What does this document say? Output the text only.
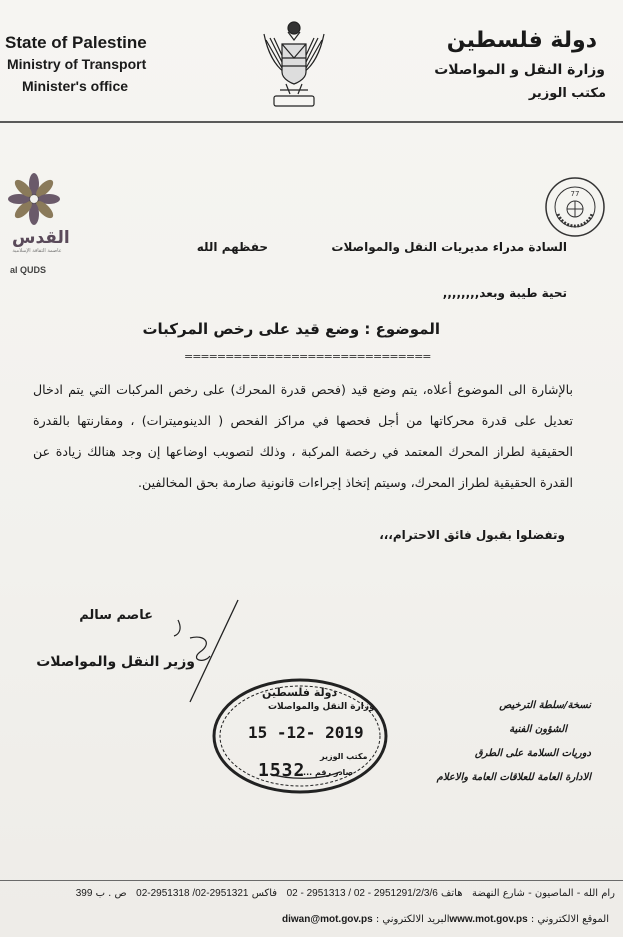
State of Palestine
Ministry of Transport
Minister's office
دولة فلسطين
وزارة النقل و المواصلات
مكتب الوزير
القدس
عاصمة الثقافة الإسلامية
al QUDS
77
السادة مدراء مديريات النقل والمواصلات
حفظهم الله
تحية طيبة وبعد,,,,,,,,
الموضوع : وضع قيد على رخص المركبات
==============================
بالإشارة الى الموضوع أعلاه، يتم وضع قيد (فحص قدرة المحرك) على رخص المركبات التي يتم ادخال تعديل على قدرة محركاتها من أجل فحصها في مراكز الفحص ( الدينوميترات) ، ومقارنتها بالقدرة الحقيقية لطراز المحرك المعتمد في رخصة المركبة ، وذلك لتصويب اوضاعها إن وجد هنالك زيادة عن القدرة الحقيقية لطراز المحرك، وسيتم إتخاذ إجراءات قانونية صارمة بحق المخالفين.
وتفضلوا بقبول فائق الاحترام،،،
عاصم سالم
وزير النقل والمواصلات
دولة فلسطين
وزارة النقل والمواصلات
15 -12- 2019
مكتب الوزير
صادر رقم ....
1532
نسخة/سلطة الترخيص
الشؤون الفنية
دوريات السلامة على الطرق
الادارة العامة للعلاقات العامة والاعلام
رام الله - الماصيون - شارع النهضة   هاتف 02 - 2951313 / 02 - 2951291/2/3/6   فاكس 02-2951318 /02-2951321   ص . ب 399
الموقع الالكتروني : www.mot.gov.ps
البريد الالكتروني : diwan@mot.gov.ps
